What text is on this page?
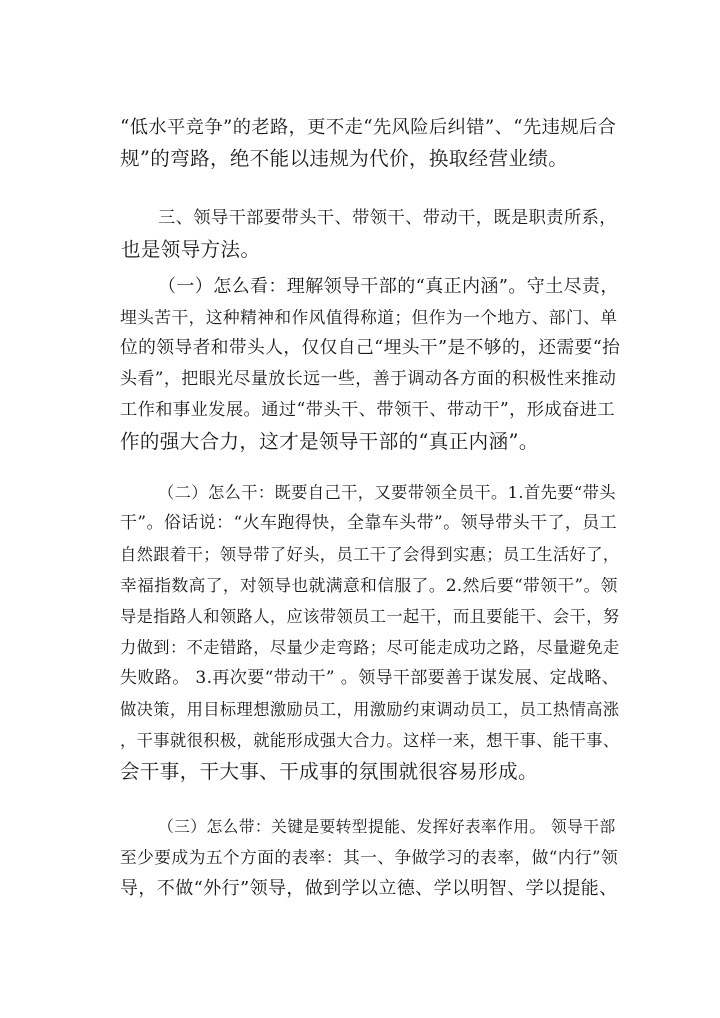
“低水平竞争”的老路，更不走“先风险后纠错”、“先违规后合
规”的弯路，绝不能以违规为代价，换取经营业绩。
三、领导干部要带头干、带领干、带动干，既是职责所系，
也是领导方法。
（一）怎么看：理解领导干部的“真正内涵”。守土尽责，
埋头苦干，这种精神和作风值得称道；但作为一个地方、部门、单
位的领导者和带头人，仅仅自己“埋头干”是不够的，还需要“抬
头看”，把眼光尽量放长远一些，善于调动各方面的积极性来推动
工作和事业发展。通过“带头干、带领干、带动干”，形成奋进工
作的强大合力，这才是领导干部的“真正内涵”。
（二）怎么干：既要自己干，又要带领全员干。1.首先要“带头
干”。俗话说：“火车跑得快，全靠车头带”。领导带头干了，员工
自然跟着干；领导带了好头，员工干了会得到实惠；员工生活好了，
幸福指数高了，对领导也就满意和信服了。2.然后要“带领干”。领
导是指路人和领路人，应该带领员工一起干，而且要能干、会干，努
力做到：不走错路，尽量少走弯路；尽可能走成功之路，尽量避免走
失败路。 3.再次要“带动干” 。领导干部要善于谋发展、定战略、
做决策，用目标理想激励员工，用激励约束调动员工，员工热情高涨
，干事就很积极，就能形成强大合力。这样一来，想干事、能干事、
会干事，干大事、干成事的氛围就很容易形成。
（三）怎么带：关键是要转型提能、发挥好表率作用。 领导干部
至少要成为五个方面的表率：其一、争做学习的表率，做“内行”领
导，不做“外行”领导，做到学以立德、学以明智、学以提能、
